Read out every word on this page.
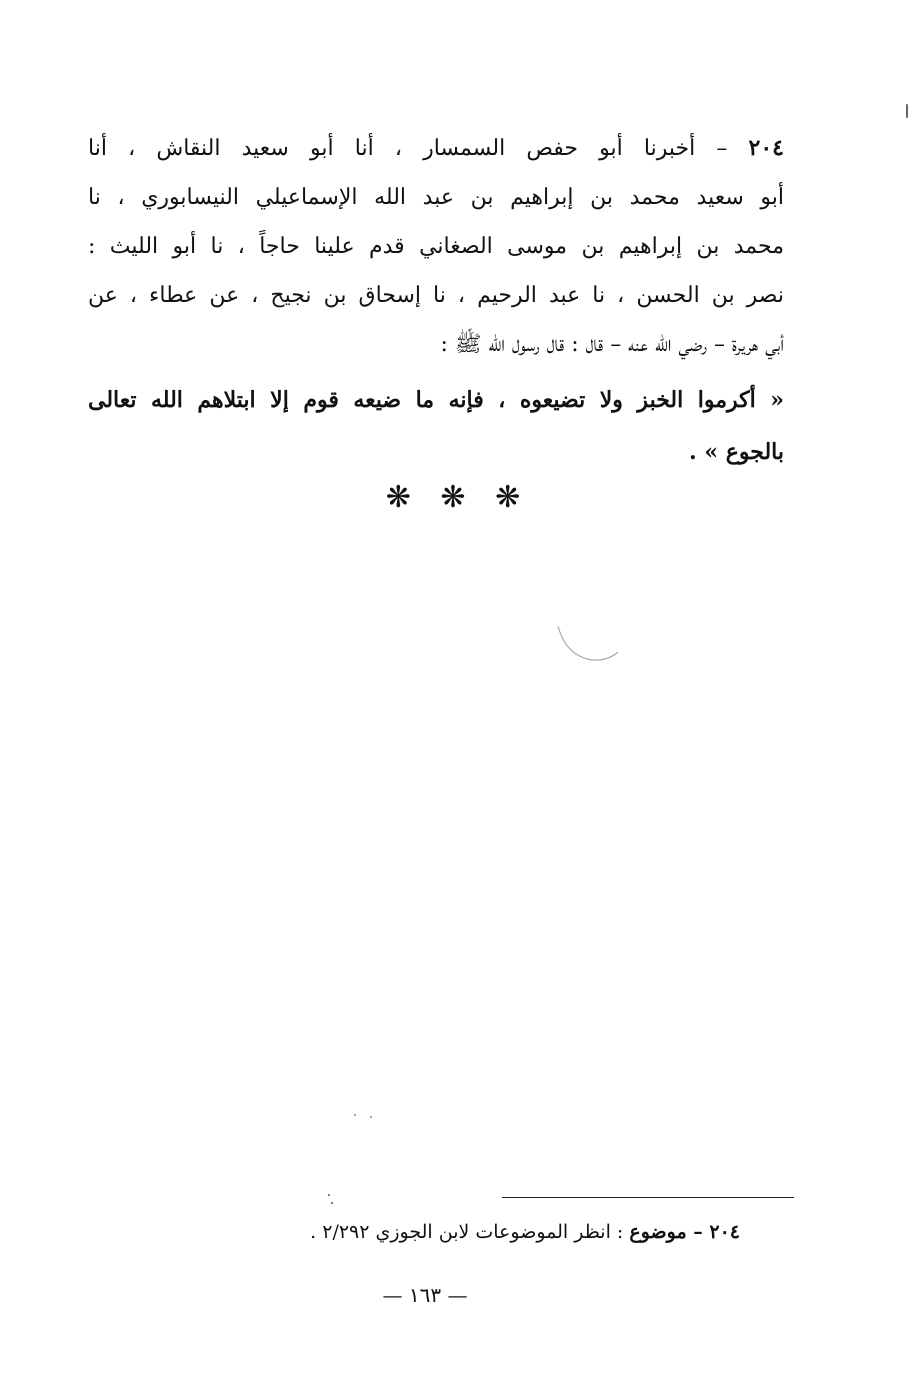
٢٠٤ – أخبرنا أبو حفص السمسار ، أنا أبو سعيد النقاش ، أنا
أبو سعيد محمد بن إبراهيم بن عبد الله الإسماعيلي النيسابوري ، نا
محمد بن إبراهيم بن موسى الصغاني قدم علينا حاجاً ، نا أبو الليث :
نصر بن الحسن ، نا عبد الرحيم ، نا إسحاق بن نجيح ، عن عطاء ، عن
أبي هريرة – رضي الله عنه – قال : قال رسول الله ﷺ :
« أكرموا الخبز ولا تضيعوه ، فإنه ما ضيعه قوم إلا ابتلاهم الله تعالى
بالجوع » .
❋ ❋ ❋
٢٠٤ – موضوع : انظر الموضوعات لابن الجوزي ٢/٢٩٢ .
— ١٦٣ —
